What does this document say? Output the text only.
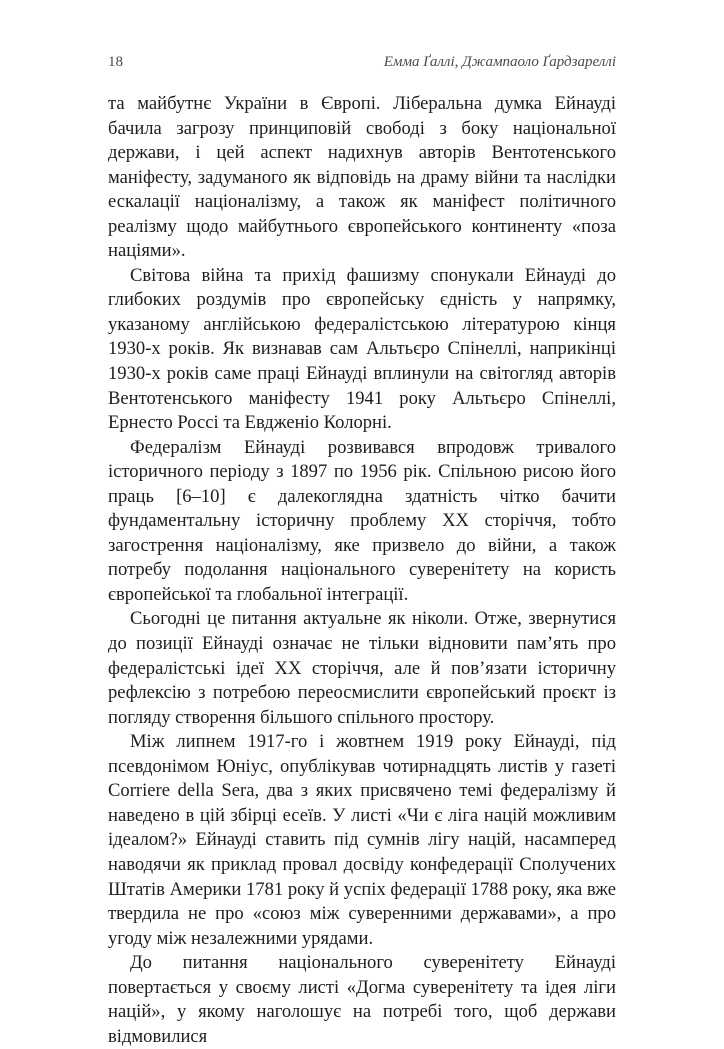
18	Емма Ґаллі, Джампаоло Ґардзареллі

та майбутнє України в Європі. Ліберальна думка Ейнауді бачила загрозу принциповій свободі з боку національної держави, і цей аспект надихнув авторів Вентотенського маніфесту, задуманого як відповідь на драму війни та наслідки ескалації націоналізму, а також як маніфест політичного реалізму щодо майбутнього європейського континенту «поза націями».

Світова війна та прихід фашизму спонукали Ейнауді до глибоких роздумів про європейську єдність у напрямку, указаному англійською федералістською літературою кінця 1930-х років. Як визнавав сам Альтьєро Спінеллі, наприкінці 1930-х років саме праці Ейнауді вплинули на світогляд авторів Вентотенського маніфесту 1941 року Альтьєро Спінеллі, Ернесто Россі та Евдженіо Колорні.

Федералізм Ейнауді розвивався впродовж тривалого історичного періоду з 1897 по 1956 рік. Спільною рисою його праць [6–10] є далекоглядна здатність чітко бачити фундаментальну історичну проблему XX сторіччя, тобто загострення націоналізму, яке призвело до війни, а також потребу подолання національного суверенітету на користь європейської та глобальної інтеграції.

Сьогодні це питання актуальне як ніколи. Отже, звернутися до позиції Ейнауді означає не тільки відновити пам’ять про федералістські ідеї XX сторіччя, але й пов’язати історичну рефлексію з потребою переосмислити європейський проєкт із погляду створення більшого спільного простору.

Між липнем 1917-го і жовтнем 1919 року Ейнауді, під псевдонімом Юніус, опублікував чотирнадцять листів у газеті Corriere della Sera, два з яких присвячено темі федералізму й наведено в цій збірці есеїв. У листі «Чи є ліга націй можливим ідеалом?» Ейнауді ставить під сумнів лігу націй, насамперед наводячи як приклад провал досвіду конфедерації Сполучених Штатів Америки 1781 року й успіх федерації 1788 року, яка вже твердила не про «союз між суверенними державами», а про угоду між незалежними урядами.

До питання національного суверенітету Ейнауді повертається у своєму листі «Догма суверенітету та ідея ліги націй», у якому наголошує на потребі того, щоб держави відмовилися
